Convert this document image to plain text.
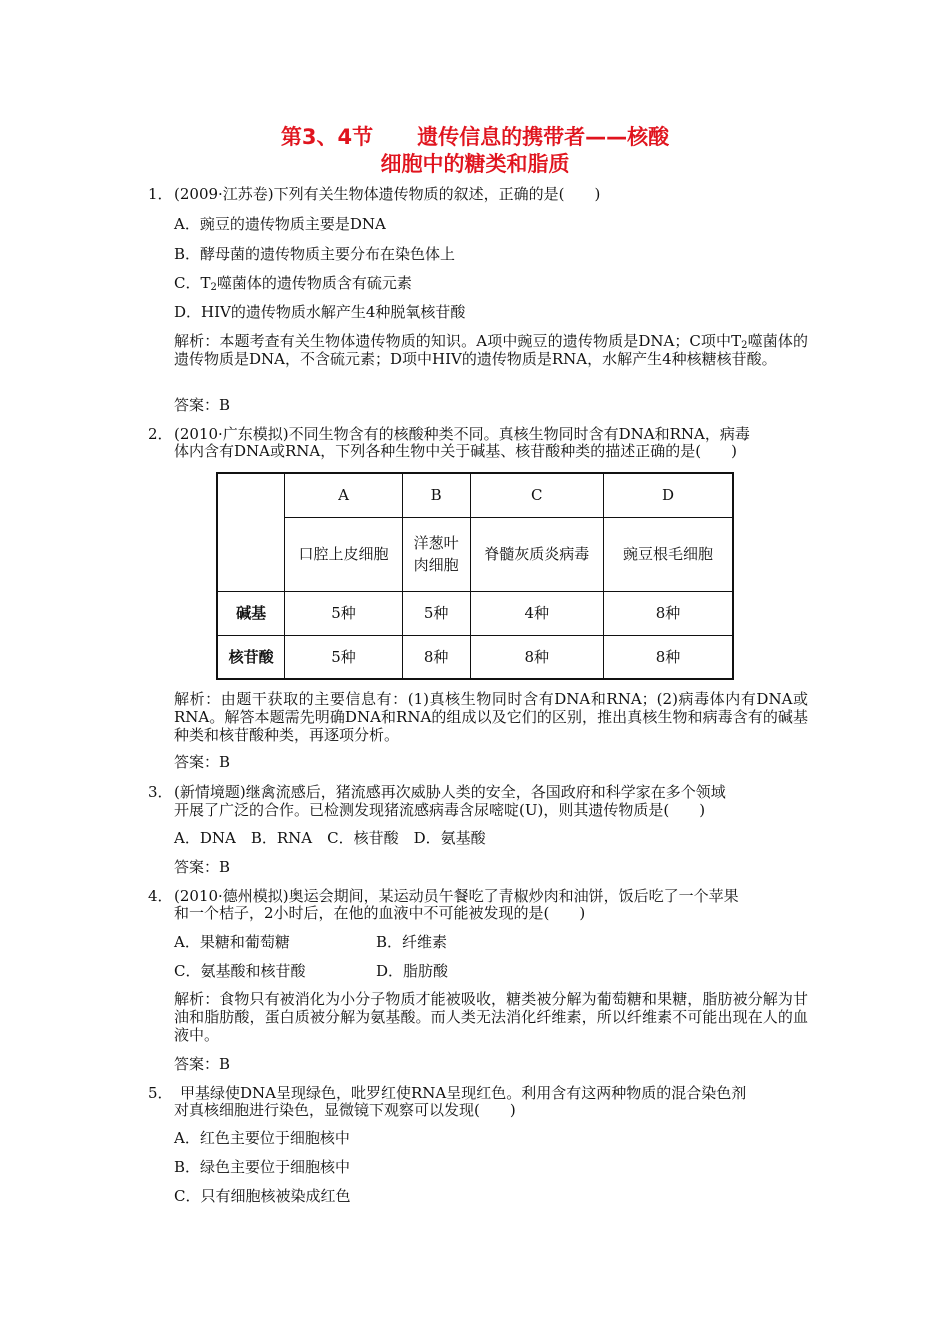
第3、4节 遗传信息的携带者——核酸
细胞中的糖类和脂质
1． (2009·江苏卷)下列有关生物体遗传物质的叙述，正确的是(　　)
A．豌豆的遗传物质主要是DNA
B．酵母菌的遗传物质主要分布在染色体上
C．$T_2$噬菌体的遗传物质含有硫元素
D．HIV的遗传物质水解产生4种脱氧核苷酸
解析：本题考查有关生物体遗传物质的知识。A项中豌豆的遗传物质是DNA；C项中$T_2$噬菌体的遗传物质是DNA，不含硫元素；D项中HIV的遗传物质是RNA，水解产生4种核糖核苷酸。
答案：B
2． (2010·广东模拟)不同生物含有的核酸种类不同。真核生物同时含有DNA和RNA，病毒
体内含有DNA或RNA，下列各种生物中关于碱基、核苷酸种类的描述正确的是(　　)
	A	B	C	D
	口腔上皮细胞	洋葱叶
肉细胞	脊髓灰质炎病毒	豌豆根毛细胞
碱基	5种	5种	4种	8种
核苷酸	5种	8种	8种	8种
解析：由题干获取的主要信息有：(1)真核生物同时含有DNA和RNA；(2)病毒体内有DNA或RNA。解答本题需先明确DNA和RNA的组成以及它们的区别，推出真核生物和病毒含有的碱基种类和核苷酸种类，再逐项分析。
答案：B
3． (新情境题)继禽流感后，猪流感再次威胁人类的安全，各国政府和科学家在多个领域
开展了广泛的合作。已检测发现猪流感病毒含尿嘧啶(U)，则其遗传物质是(　　)
A．DNA　B．RNA　C．核苷酸　D．氨基酸
答案：B
4． (2010·德州模拟)奥运会期间，某运动员午餐吃了青椒炒肉和油饼，饭后吃了一个苹果
和一个桔子，2小时后，在他的血液中不可能被发现的是(　　)
A．果糖和葡萄糖	B．纤维素
C．氨基酸和核苷酸	D．脂肪酸
解析：食物只有被消化为小分子物质才能被吸收，糖类被分解为葡萄糖和果糖，脂肪被分解为甘油和脂肪酸，蛋白质被分解为氨基酸。而人类无法消化纤维素，所以纤维素不可能出现在人的血液中。
答案：B
5． 甲基绿使DNA呈现绿色，吡罗红使RNA呈现红色。利用含有这两种物质的混合染色剂
对真核细胞进行染色，显微镜下观察可以发现(　　)
A．红色主要位于细胞核中
B．绿色主要位于细胞核中
C．只有细胞核被染成红色
